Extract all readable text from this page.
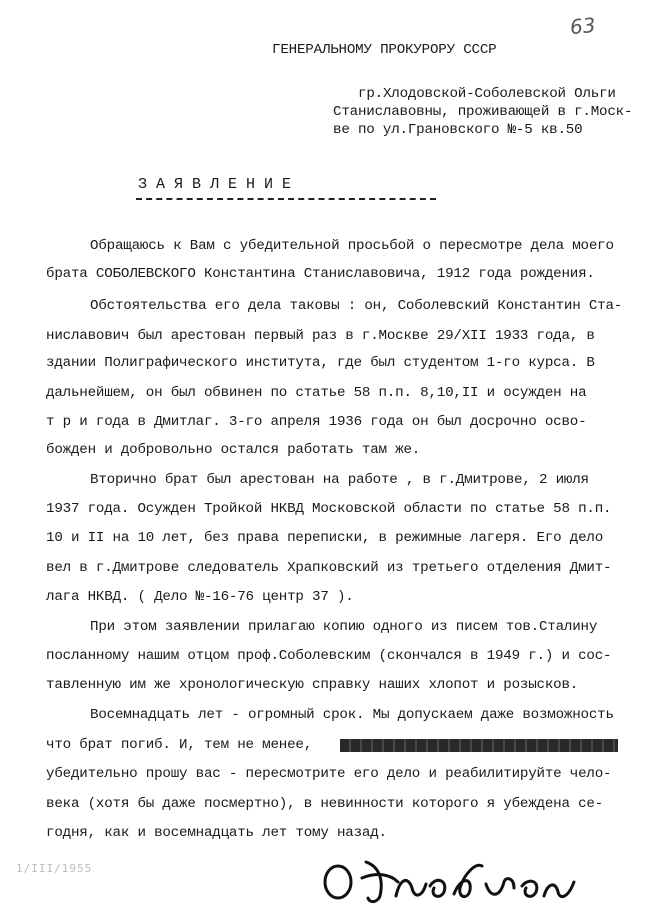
63
ГЕНЕРАЛЬНОМУ ПРОКУРОРУ СССР
гр.Хлодовской-Соболевской Ольги
Станиславовны, проживающей в г.Моск-
ве по ул.Грановского №-5 кв.50
З А Я В Л Е Н И Е
Обращаюсь к Вам с убедительной просьбой о пересмотре дела моего
брата СОБОЛЕВСКОГО Константина Станиславовича, 1912 года рождения.
Обстоятельства его дела таковы : он, Соболевский Константин Ста-
ниславович был арестован первый раз в г.Москве 29/XII 1933 года, в
здании Полиграфического института, где был студентом 1-го курса. В
дальнейшем, он был обвинен по статье 58 п.п. 8,10,II и осужден на
т р и года в Дмитлаг. 3-го апреля 1936 года он был досрочно осво-
божден и добровольно остался работать там же.
Вторично брат был арестован на работе , в г.Дмитрове, 2 июля
1937 года. Осужден Тройкой НКВД Московской области по статье 58 п.п.
10 и II на 10 лет, без права переписки, в режимные лагеря. Его дело
вел в г.Дмитрове следователь Храпковский из третьего отделения Дмит-
лага НКВД. ( Дело №-16-76 центр 37 ).
При этом заявлении прилагаю копию одного из писем тов.Сталину
посланному нашим отцом проф.Соболевским (скончался в 1949 г.) и сос-
тавленную им же хронологическую справку наших хлопот и розысков.
Восемнадцать лет - огромный срок. Мы допускаем даже возможность
что брат погиб. И, тем не менее,
убедительно прошу вас - пересмотрите его дело и реабилитируйте чело-
века (хотя бы даже посмертно), в невинности которого я убеждена се-
годня, как и восемнадцать лет тому назад.
1/III/1955
